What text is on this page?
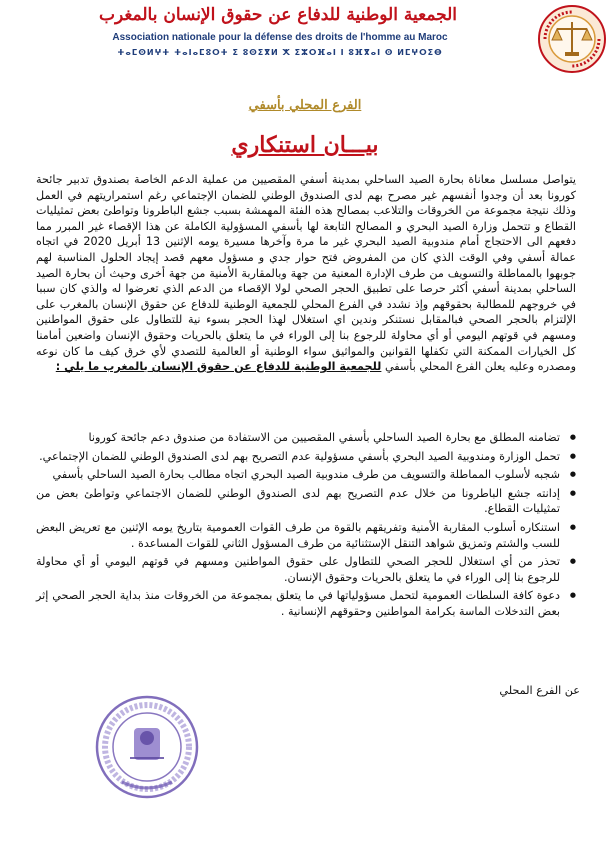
الجمعية الوطنية للدفاع عن حقوق الإنسان بالمغرب
Association nationale pour la défense des droits de l'homme au Maroc
ⵜⴰⵎⵙⵍⵖⵜ ⵜⴰⵏⴰⵎⵓⵔⵜ ⵉ ⵓⵙⵉⴳⵍ ⵅ ⵉⵣⵔⴼⴰⵏ ⵏ ⵓⴼⴳⴰⵏ ⵙ ⵍⵎⵖⵔⵉⴱ
الفرع المحلي بأسفي
بيـــان استنكاري
يتواصل مسلسل معاناة بحارة الصيد الساحلي بمدينة أسفي المقصيين من عملية الدعم الخاصة بصندوق تدبير جائحة كورونا بعد أن وجدوا أنفسهم غير مصرح بهم لدى الصندوق الوطني للضمان الإجتماعي رغم استمراريتهم في العمل وذلك نتيجة مجموعة من الخروقات والتلاعب بمصالح هذه الفئة المهمشة بسبب جشع الباطرونا وتواطئ بعض تمثيليات القطاع و تتحمل وزارة الصيد البحري و المصالح التابعة لها بأسفي المسؤولية الكاملة عن هذا الإقصاء غير المبرر مما دفعهم الى الاحتجاج أمام مندوبية الصيد البحري غير ما مرة وآخرها مسيرة يومه الإثنين 13 أبريل 2020 في اتجاه عمالة أسفي وفي الوقت الذي كان من المفروض فتح حوار جدي و مسؤول معهم قصد إيجاد الحلول المناسبة لهم جوبهوا بالمماطلة والتسويف من طرف الإدارة المعنية من جهة وبالمقاربة الأمنية من جهة أخرى وحيث أن بحارة الصيد الساحلي بمدينة أسفي أكثر حرصا على تطبيق الحجر الصحي لولا الإقصاء من الدعم الذي تعرضوا له والذي كان سببا في خروجهم للمطالبة بحقوقهم وإذ نشدد في الفرع المحلي للجمعية الوطنية للدفاع عن حقوق الإنسان بالمغرب على الإلتزام بالحجر الصحي فبالمقابل نستنكر وندين اي استغلال لهذا الحجر بسوء نية للتطاول على حقوق المواطنين ومسهم في قوتهم اليومي أو أي محاولة للرجوع بنا إلى الوراء في ما يتعلق بالحريات وحقوق الإنسان واضعين أمامنا كل الخيارات الممكنة التي تكفلها القوانين والمواثيق سواء الوطنية أو العالمية للتصدي لأي خرق كيف ما كان نوعه ومصدره وعليه يعلن الفرع المحلي بأسفي للجمعية الوطنية للدفاع عن حقوق الإنسان بالمغرب ما يلي :
● تضامنه المطلق مع بحارة الصيد الساحلي بأسفي المقصيين من الاستفادة من صندوق دعم جائحة كورونا
● تحمل الوزارة ومندوبية الصيد البحري بأسفي مسؤولية عدم التصريح بهم لدى الصندوق الوطني للضمان الإجتماعي.
● شجبه لأسلوب المماطلة والتسويف من طرف مندوبية الصيد البحري اتجاه مطالب بحارة الصيد الساحلي بأسفي
● إدانته جشع الباطرونا من خلال عدم التصريح بهم لدى الصندوق الوطني للضمان الاجتماعي وتواطئ بعض من تمثيليات القطاع.
● استنكاره أسلوب المقاربة الأمنية وتفريقهم بالقوة من طرف القوات العمومية بتاريخ يومه الإثنين مع تعريض البعض للسب والشتم وتمزيق شواهد التنقل الإستثنائية من طرف المسؤول الثاني للقوات المساعدة .
● تحذر من أي استغلال للحجر الصحي للتطاول على حقوق المواطنين ومسهم في قوتهم اليومي أو أي محاولة للرجوع بنا إلى الوراء في ما يتعلق بالحريات وحقوق الإنسان.
● دعوة كافة السلطات العمومية لتحمل مسؤولياتها في ما يتعلق بمجموعة من الخروقات منذ بداية الحجر الصحي إثر بعض التدخلات الماسة بكرامة المواطنين وحقوقهم الإنسانية .
عن الفرع المحلي
